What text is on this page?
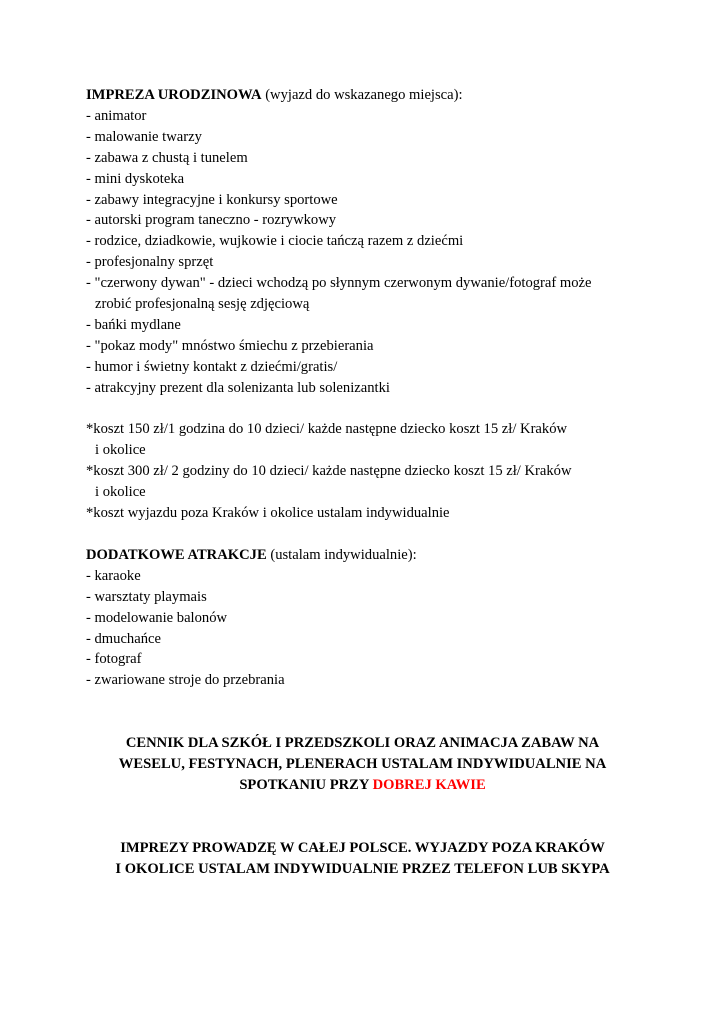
IMPREZA URODZINOWA (wyjazd do wskazanego miejsca):
- animator
- malowanie twarzy
- zabawa z chustą i tunelem
- mini dyskoteka
- zabawy integracyjne i konkursy sportowe
- autorski program taneczno - rozrywkowy
- rodzice, dziadkowie, wujkowie i ciocie tańczą razem z dziećmi
- profesjonalny sprzęt
- "czerwony dywan" - dzieci wchodzą po słynnym czerwonym dywanie/fotograf może
zrobić profesjonalną sesję zdjęciową
- bańki mydlane
- "pokaz mody" mnóstwo śmiechu z przebierania
- humor i świetny kontakt z dziećmi/gratis/
- atrakcyjny prezent dla solenizanta lub solenizantki
*koszt 150 zł/1 godzina do 10 dzieci/ każde następne dziecko koszt 15 zł/ Kraków
i okolice
*koszt 300 zł/ 2 godziny do 10 dzieci/ każde następne dziecko koszt 15 zł/ Kraków
i okolice
*koszt wyjazdu poza Kraków i okolice ustalam indywidualnie
DODATKOWE ATRAKCJE (ustalam indywidualnie):
- karaoke
- warsztaty playmais
- modelowanie balonów
- dmuchańce
- fotograf
- zwariowane stroje do przebrania
CENNIK DLA SZKÓŁ I PRZEDSZKOLI ORAZ ANIMACJA ZABAW NA
WESELU, FESTYNACH, PLENERACH USTALAM INDYWIDUALNIE NA
SPOTKANIU PRZY DOBREJ KAWIE
IMPREZY PROWADZĘ W CAŁEJ POLSCE. WYJAZDY POZA KRAKÓW
I OKOLICE USTALAM INDYWIDUALNIE PRZEZ TELEFON LUB SKYPA
